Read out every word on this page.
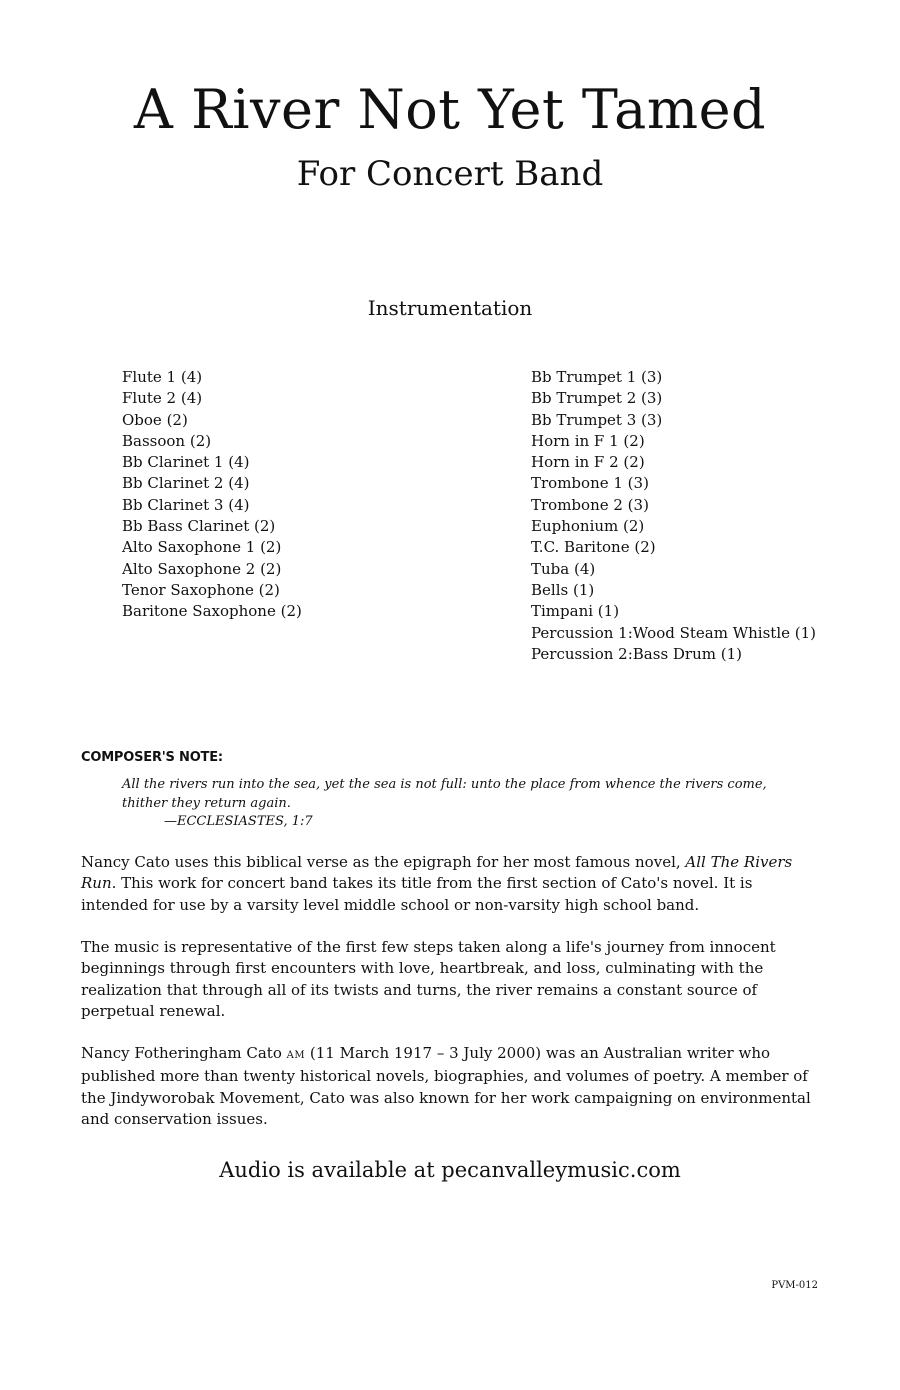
A River Not Yet Tamed
For Concert Band
Instrumentation
Flute 1 (4)
Flute 2 (4)
Oboe (2)
Bassoon (2)
Bb Clarinet 1 (4)
Bb Clarinet 2 (4)
Bb Clarinet 3 (4)
Bb Bass Clarinet (2)
Alto Saxophone 1 (2)
Alto Saxophone 2 (2)
Tenor Saxophone (2)
Baritone Saxophone (2)
Bb Trumpet 1 (3)
Bb Trumpet 2 (3)
Bb Trumpet 3 (3)
Horn in F 1 (2)
Horn in F 2 (2)
Trombone 1 (3)
Trombone 2 (3)
Euphonium (2)
T.C. Baritone (2)
Tuba (4)
Bells (1)
Timpani (1)
Percussion 1:Wood Steam Whistle (1)
Percussion 2:Bass Drum (1)
COMPOSER'S NOTE:

All the rivers run into the sea, yet the sea is not full: unto the place from whence the rivers come, thither they return again.

—ECCLESIASTES, 1:7

Nancy Cato uses this biblical verse as the epigraph for her most famous novel, All The Rivers Run. This work for concert band takes its title from the first section of Cato's novel. It is intended for use by a varsity level middle school or non-varsity high school band.

The music is representative of the first few steps taken along a life's journey from innocent beginnings through first encounters with love, heartbreak, and loss, culminating with the realization that through all of its twists and turns, the river remains a constant source of perpetual renewal.

Nancy Fotheringham Cato AM (11 March 1917 – 3 July 2000) was an Australian writer who published more than twenty historical novels, biographies, and volumes of poetry. A member of the Jindyworobak Movement, Cato was also known for her work campaigning on environmental and conservation issues.

Audio is available at pecanvalleymusic.com

PVM-012
